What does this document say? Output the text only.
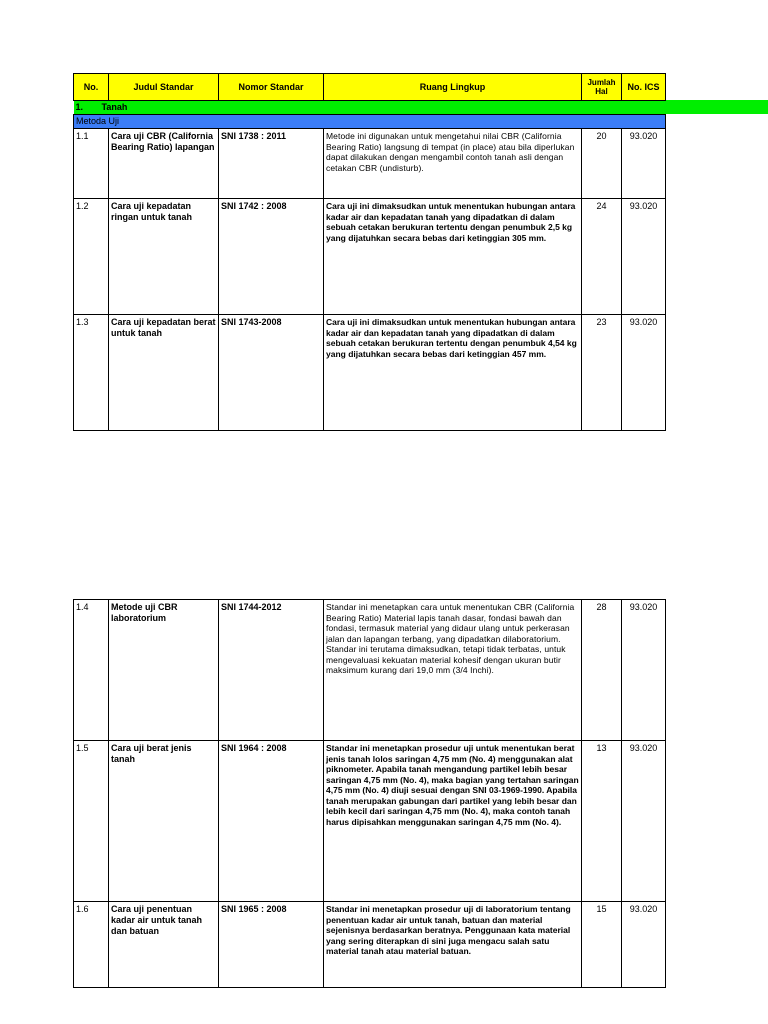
No.	Judul Standar	Nomor Standar	Ruang Lingkup	Jumlah Hal	No. ICS
1. Tanah					
Metoda Uji					
1.1	Cara uji CBR (California Bearing Ratio) lapangan	SNI 1738 : 2011	Metode ini digunakan untuk mengetahui nilai CBR (California Bearing Ratio) langsung di tempat (in place) atau bila diperlukan dapat dilakukan dengan mengambil contoh tanah asli dengan cetakan CBR (undisturb).	20	93.020
1.2	Cara uji kepadatan ringan untuk tanah	SNI 1742 : 2008	Cara uji ini dimaksudkan untuk menentukan hubungan antara kadar air dan kepadatan tanah yang dipadatkan di dalam sebuah cetakan berukuran tertentu dengan penumbuk 2,5 kg yang dijatuhkan secara bebas dari ketinggian 305 mm.	24	93.020
1.3	Cara uji kepadatan berat untuk tanah	SNI 1743-2008	Cara uji ini dimaksudkan untuk menentukan hubungan antara kadar air dan kepadatan tanah yang dipadatkan di dalam sebuah cetakan berukuran tertentu dengan penumbuk 4,54 kg yang dijatuhkan secara bebas dari ketinggian 457 mm.	23	93.020
1.4	Metode uji CBR laboratorium	SNI 1744-2012	Standar ini menetapkan cara untuk menentukan CBR (California Bearing Ratio) Material lapis tanah dasar, fondasi bawah dan fondasi, termasuk material yang didaur ulang untuk perkerasan jalan dan lapangan terbang, yang dipadatkan dilaboratorium. Standar ini terutama dimaksudkan, tetapi tidak terbatas, untuk mengevaluasi kekuatan material kohesif dengan ukuran butir maksimum kurang dari 19,0 mm (3/4 Inchi).	28	93.020
1.5	Cara uji berat jenis tanah	SNI 1964 : 2008	Standar ini menetapkan prosedur uji untuk menentukan berat jenis tanah lolos saringan 4,75 mm (No. 4) menggunakan alat piknometer. Apabila tanah mengandung partikel lebih besar saringan 4,75 mm (No. 4), maka bagian yang tertahan saringan 4,75 mm (No. 4) diuji sesuai dengan SNI 03-1969-1990. Apabila tanah merupakan gabungan dari partikel yang lebih besar dan lebih kecil dari saringan 4,75 mm (No. 4), maka contoh tanah harus dipisahkan menggunakan saringan 4,75 mm (No. 4).	13	93.020
1.6	Cara uji penentuan kadar air untuk tanah dan batuan	SNI 1965 : 2008	Standar ini menetapkan prosedur uji di laboratorium tentang penentuan kadar air untuk tanah, batuan dan material sejenisnya berdasarkan beratnya. Penggunaan kata material yang sering diterapkan di sini juga mengacu salah satu material tanah atau material batuan.	15	93.020
